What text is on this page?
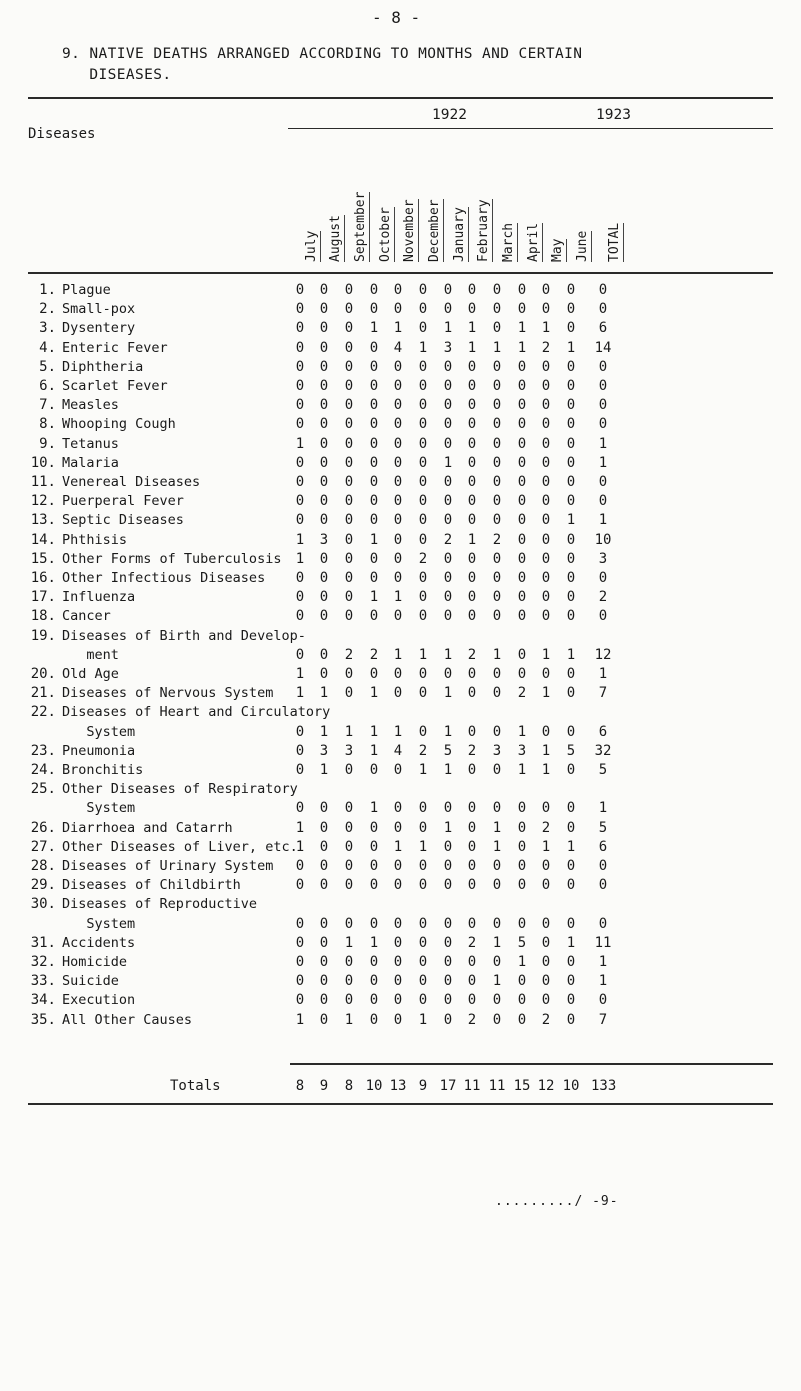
- 8 -
9. NATIVE DEATHS ARRANGED ACCORDING TO MONTHS AND CERTAIN
DISEASES.
Diseases
1922	1923
July August September October November December January February March April May June TOTAL
1. Plague	0	0	0	0	0	0	0	0	0	0	0	0	0
2. Small-pox	0	0	0	0	0	0	0	0	0	0	0	0	0
3. Dysentery	0	0	0	1	1	0	1	1	0	1	1	0	6
4. Enteric Fever	0	0	0	0	4	1	3	1	1	1	2	1	14
5. Diphtheria	0	0	0	0	0	0	0	0	0	0	0	0	0
6. Scarlet Fever	0	0	0	0	0	0	0	0	0	0	0	0	0
7. Measles	0	0	0	0	0	0	0	0	0	0	0	0	0
8. Whooping Cough	0	0	0	0	0	0	0	0	0	0	0	0	0
9. Tetanus	1	0	0	0	0	0	0	0	0	0	0	0	1
10. Malaria	0	0	0	0	0	0	1	0	0	0	0	0	1
11. Venereal Diseases	0	0	0	0	0	0	0	0	0	0	0	0	0
12. Puerperal Fever	0	0	0	0	0	0	0	0	0	0	0	0	0
13. Septic Diseases	0	0	0	0	0	0	0	0	0	0	0	1	1
14. Phthisis	1	3	0	1	0	0	2	1	2	0	0	0	10
15. Other Forms of Tuberculosis	1	0	0	0	0	2	0	0	0	0	0	0	3
16. Other Infectious Diseases	0	0	0	0	0	0	0	0	0	0	0	0	0
17. Influenza	0	0	0	1	1	0	0	0	0	0	0	0	2
18. Cancer	0	0	0	0	0	0	0	0	0	0	0	0	0
19. Diseases of Birth and Develop-
ment	0	0	2	2	1	1	1	2	1	0	1	1	12
20. Old Age	1	0	0	0	0	0	0	0	0	0	0	0	1
21. Diseases of Nervous System	1	1	0	1	0	0	1	0	0	2	1	0	7
22. Diseases of Heart and Circulatory
System	0	1	1	1	1	0	1	0	0	1	0	0	6
23. Pneumonia	0	3	3	1	4	2	5	2	3	3	1	5	32
24. Bronchitis	0	1	0	0	0	1	1	0	0	1	1	0	5
25. Other Diseases of Respiratory
System	0	0	0	1	0	0	0	0	0	0	0	0	1
26. Diarrhoea and Catarrh	1	0	0	0	0	0	1	0	1	0	2	0	5
27. Other Diseases of Liver, etc.
1	0	0	0	1	1	0	0	1	0	1	1	6
28. Diseases of Urinary System	0	0	0	0	0	0	0	0	0	0	0	0	0
29. Diseases of Childbirth	0	0	0	0	0	0	0	0	0	0	0	0	0
30. Diseases of Reproductive
System	0	0	0	0	0	0	0	0	0	0	0	0	0
31. Accidents	0	0	1	1	0	0	0	2	1	5	0	1	11
32. Homicide	0	0	0	0	0	0	0	0	0	1	0	0	1
33. Suicide	0	0	0	0	0	0	0	0	1	0	0	0	1
34. Execution	0	0	0	0	0	0	0	0	0	0	0	0	0
35. All Other Causes	1	0	1	0	0	1	0	2	0	0	2	0	7
Totals	8	9	8 10 13 9 17 11 11 15 12 10 133
........./ -9-
